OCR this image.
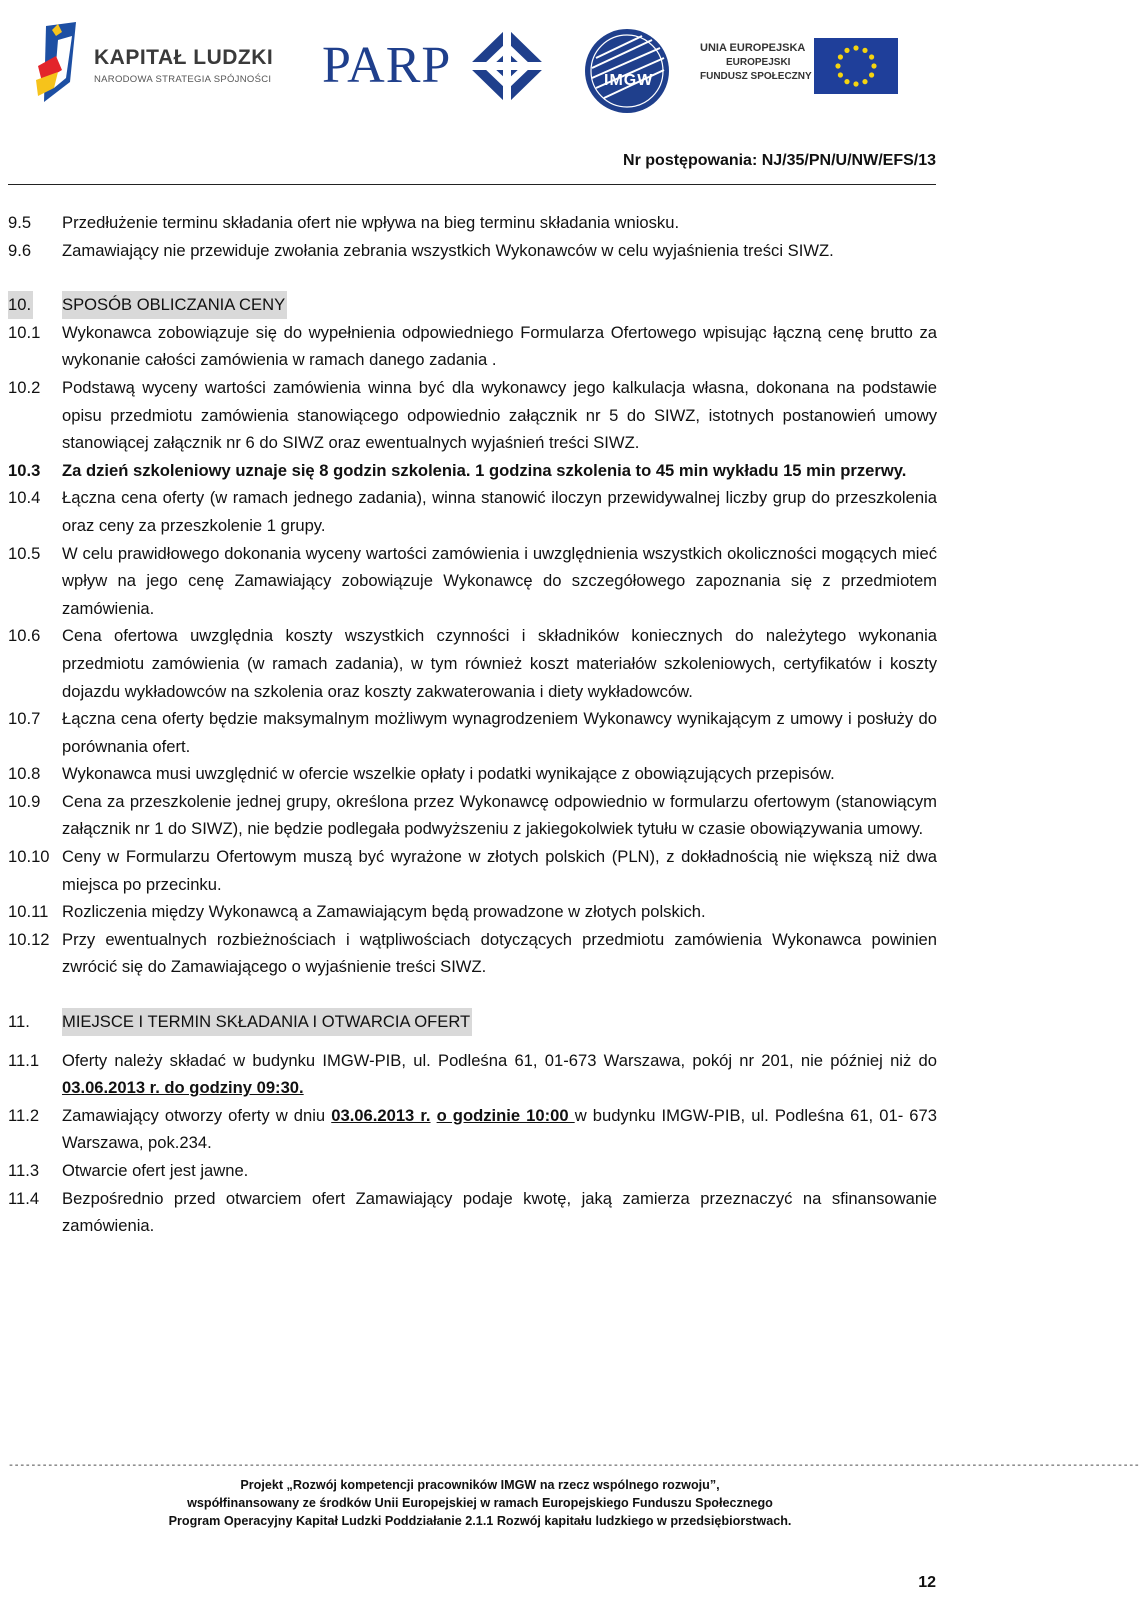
KAPITAŁ LUDZKI
NARODOWA STRATEGIA SPÓJNOŚCI PARP	IMGW
UNIA EUROPEJSKA
EUROPEJSKI
FUNDUSZ SPOŁECZNY
Nr postępowania: NJ/35/PN/U/NW/EFS/13
9.5	Przedłużenie terminu składania ofert nie wpływa na bieg terminu składania wniosku.
9.6	Zamawiający nie przewiduje zwołania zebrania wszystkich Wykonawców w celu wyjaśnienia treści SIWZ.
10.	SPOSÓB OBLICZANIA CENY
10.1	Wykonawca zobowiązuje się do wypełnienia odpowiedniego Formularza Ofertowego wpisując łączną cenę brutto za wykonanie całości zamówienia w ramach danego zadania .
10.2	Podstawą wyceny wartości zamówienia winna być dla wykonawcy jego kalkulacja własna, dokonana na podstawie opisu przedmiotu zamówienia stanowiącego odpowiednio załącznik nr 5 do SIWZ, istotnych postanowień umowy stanowiącej załącznik nr 6 do SIWZ oraz ewentualnych wyjaśnień treści SIWZ.
10.3	Za dzień szkoleniowy uznaje się 8 godzin szkolenia. 1 godzina szkolenia to 45 min wykładu 15 min przerwy.
10.4	Łączna cena oferty (w ramach jednego zadania), winna stanowić iloczyn przewidywalnej liczby grup do przeszkolenia oraz ceny za przeszkolenie 1 grupy.
10.5	W celu prawidłowego dokonania wyceny wartości zamówienia i uwzględnienia wszystkich okoliczności mogących mieć wpływ na jego cenę Zamawiający zobowiązuje Wykonawcę do szczegółowego zapoznania się z przedmiotem zamówienia.
10.6	Cena ofertowa uwzględnia koszty wszystkich czynności i składników koniecznych do należytego wykonania przedmiotu zamówienia (w ramach zadania), w tym również koszt materiałów szkoleniowych, certyfikatów i koszty dojazdu wykładowców na szkolenia oraz koszty zakwaterowania i diety wykładowców.
10.7	Łączna cena oferty będzie maksymalnym możliwym wynagrodzeniem Wykonawcy wynikającym z umowy i posłuży do porównania ofert.
10.8	Wykonawca musi uwzględnić w ofercie wszelkie opłaty i podatki wynikające z obowiązujących przepisów.
10.9	Cena za przeszkolenie jednej grupy, określona przez Wykonawcę odpowiednio w formularzu ofertowym (stanowiącym załącznik nr 1 do SIWZ), nie będzie podlegała podwyższeniu z jakiegokolwiek tytułu w czasie obowiązywania umowy.
10.10 Ceny w Formularzu Ofertowym muszą być wyrażone w złotych polskich (PLN), z dokładnością nie większą niż dwa miejsca po przecinku.
10.11 Rozliczenia między Wykonawcą a Zamawiającym będą prowadzone w złotych polskich.
10.12 Przy ewentualnych rozbieżnościach i wątpliwościach dotyczących przedmiotu zamówienia Wykonawca powinien zwrócić się do Zamawiającego o wyjaśnienie treści SIWZ.
11.	MIEJSCE I TERMIN SKŁADANIA I OTWARCIA OFERT
11.1	Oferty należy składać w budynku IMGW-PIB, ul. Podleśna 61, 01-673 Warszawa, pokój nr 201, nie później niż do 03.06.2013 r. do godziny 09:30.
11.2	Zamawiający otworzy oferty w dniu 03.06.2013 r. o godzinie 10:00 w budynku IMGW-PIB, ul. Podleśna 61, 01- 673 Warszawa, pok.234.
11.3	Otwarcie ofert jest jawne.
11.4	Bezpośrednio przed otwarciem ofert Zamawiający podaje kwotę, jaką zamierza przeznaczyć na sfinansowanie zamówienia.
----------------------------------------------------------------------------------------------------------------------------------------------------------------------------------------------------------
Projekt „Rozwój kompetencji pracowników IMGW na rzecz wspólnego rozwoju”,
współfinansowany ze środków Unii Europejskiej w ramach Europejskiego Funduszu Społecznego
Program Operacyjny Kapitał Ludzki Poddziałanie 2.1.1 Rozwój kapitału ludzkiego w przedsiębiorstwach.
12
